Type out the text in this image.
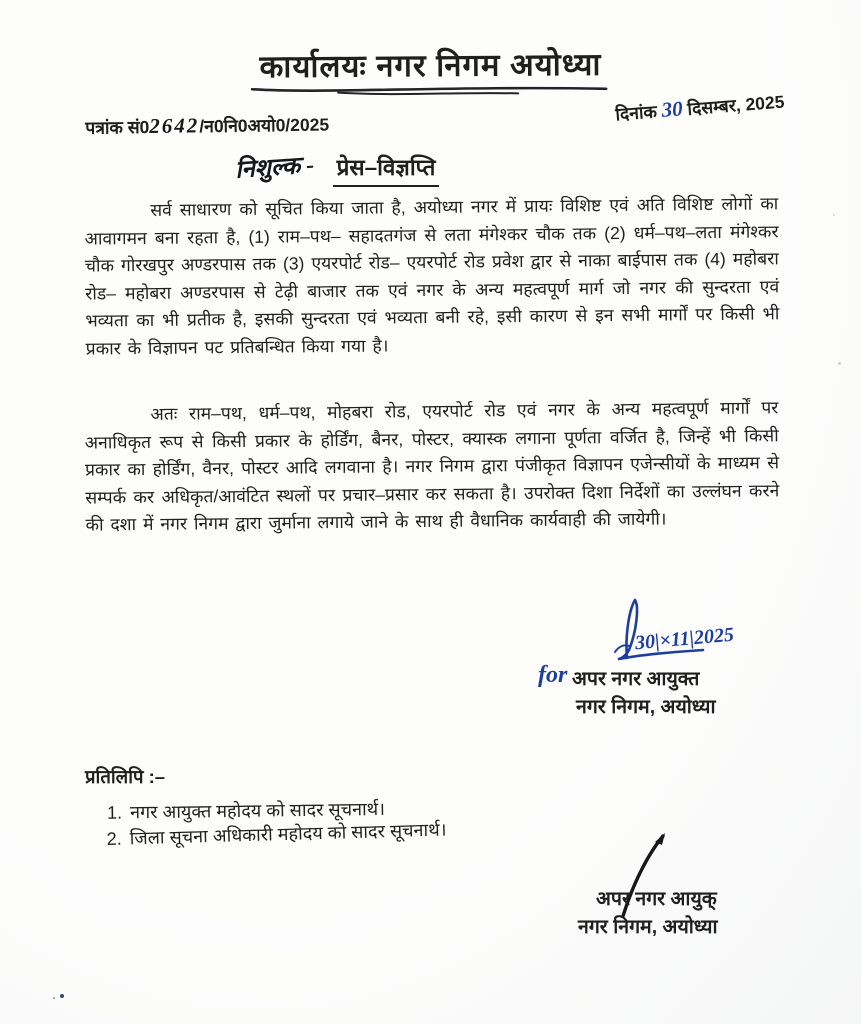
कार्यालयः नगर निगम अयोध्या
पत्रांक सं02642/न0नि0अयो0/2025
दिनांक 30 दिसम्बर, 2025
निशुल्क - प्रेस–विज्ञप्ति
सर्व साधारण को सूचित किया जाता है, अयोध्या नगर में प्रायः विशिष्ट एवं अति विशिष्ट लोगों का आवागमन बना रहता है, (1) राम–पथ– सहादतगंज से लता मंगेश्कर चौक तक (2) धर्म–पथ–लता मंगेश्कर चौक गोरखपुर अण्डरपास तक (3) एयरपोर्ट रोड– एयरपोर्ट रोड प्रवेश द्वार से नाका बाईपास तक (4) महोबरा रोड– महोबरा अण्डरपास से टेढ़ी बाजार तक एवं नगर के अन्य महत्वपूर्ण मार्ग जो नगर की सुन्दरता एवं भव्यता का भी प्रतीक है, इसकी सुन्दरता एवं भव्यता बनी रहे, इसी कारण से इन सभी मार्गों पर किसी भी प्रकार के विज्ञापन पट प्रतिबन्धित किया गया है।
अतः राम–पथ, धर्म–पथ, मोहबरा रोड, एयरपोर्ट रोड एवं नगर के अन्य महत्वपूर्ण मार्गों पर अनाधिकृत रूप से किसी प्रकार के होर्डिंग, बैनर, पोस्टर, क्यास्क लगाना पूर्णता वर्जित है, जिन्हें भी किसी प्रकार का होर्डिंग, वैनर, पोस्टर आदि लगवाना है। नगर निगम द्वारा पंजीकृत विज्ञापन एजेन्सीयों के माध्यम से सम्पर्क कर अधिकृत/आवंटित स्थलों पर प्रचार–प्रसार कर सकता है। उपरोक्त दिशा निर्देशों का उल्लंघन करने की दशा में नगर निगम द्वारा जुर्माना लगाये जाने के साथ ही वैधानिक कार्यवाही की जायेगी।
30|×11|2025
for अपर नगर आयुक्त
नगर निगम, अयोध्या
प्रतिलिपि :–
1. नगर आयुक्त महोदय को सादर सूचनार्थ।
2. जिला सूचना अधिकारी महोदय को सादर सूचनार्थ।
अपर नगर आयुक्
नगर निगम, अयोध्या
